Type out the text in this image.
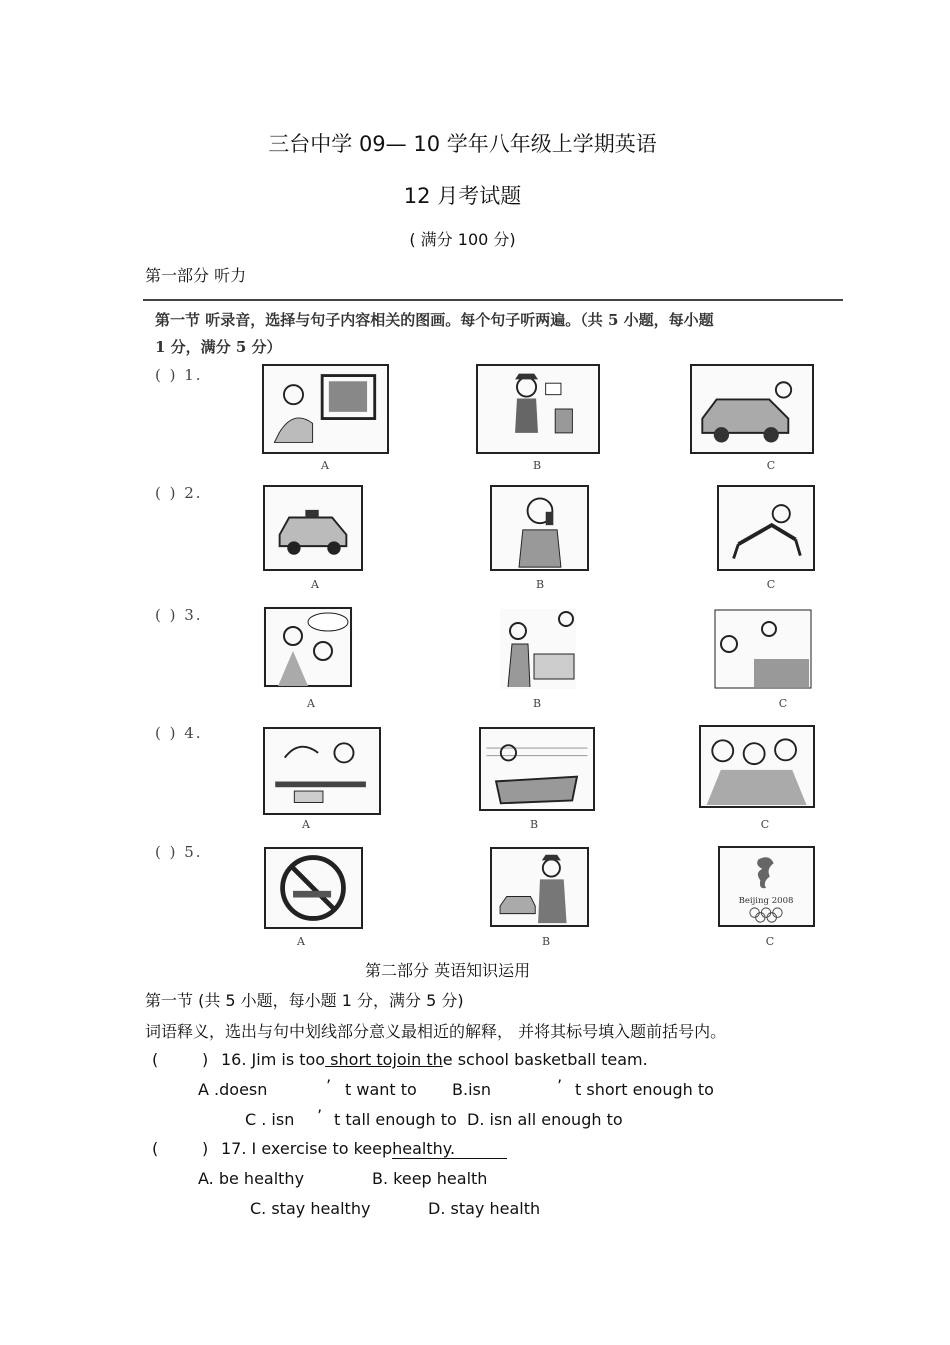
三台中学 09— 10 学年八年级上学期英语
12 月考试题
( 满分 100 分)
第一部分 听力
第一节 听录音，选择与句子内容相关的图画。每个句子听两遍。（共 5 小题，每小题
1 分，满分 5 分）
( ) 1.
( ) 2.
( ) 3.
( ) 4.
( ) 5.
A	B	C
A	B	C
A	B	C
A	B	C
Beijing 2008
A	B	C
第二部分 英语知识运用
第一节 (共 5 小题，每小题 1 分，满分 5 分)
词语释义，选出与句中划线部分意义最相近的解释， 并将其标号填入题前括号内。
(	) 16. Jim is too short tojoin the school basketball team.
A .doesn	’ t want to B.isn	’ t short enough to
C . isn ’ t tall enough to D. isn all enough to
(	) 17. I exercise to keephealthy.
A. be healthy	B. keep health
C. stay healthy	D. stay health
